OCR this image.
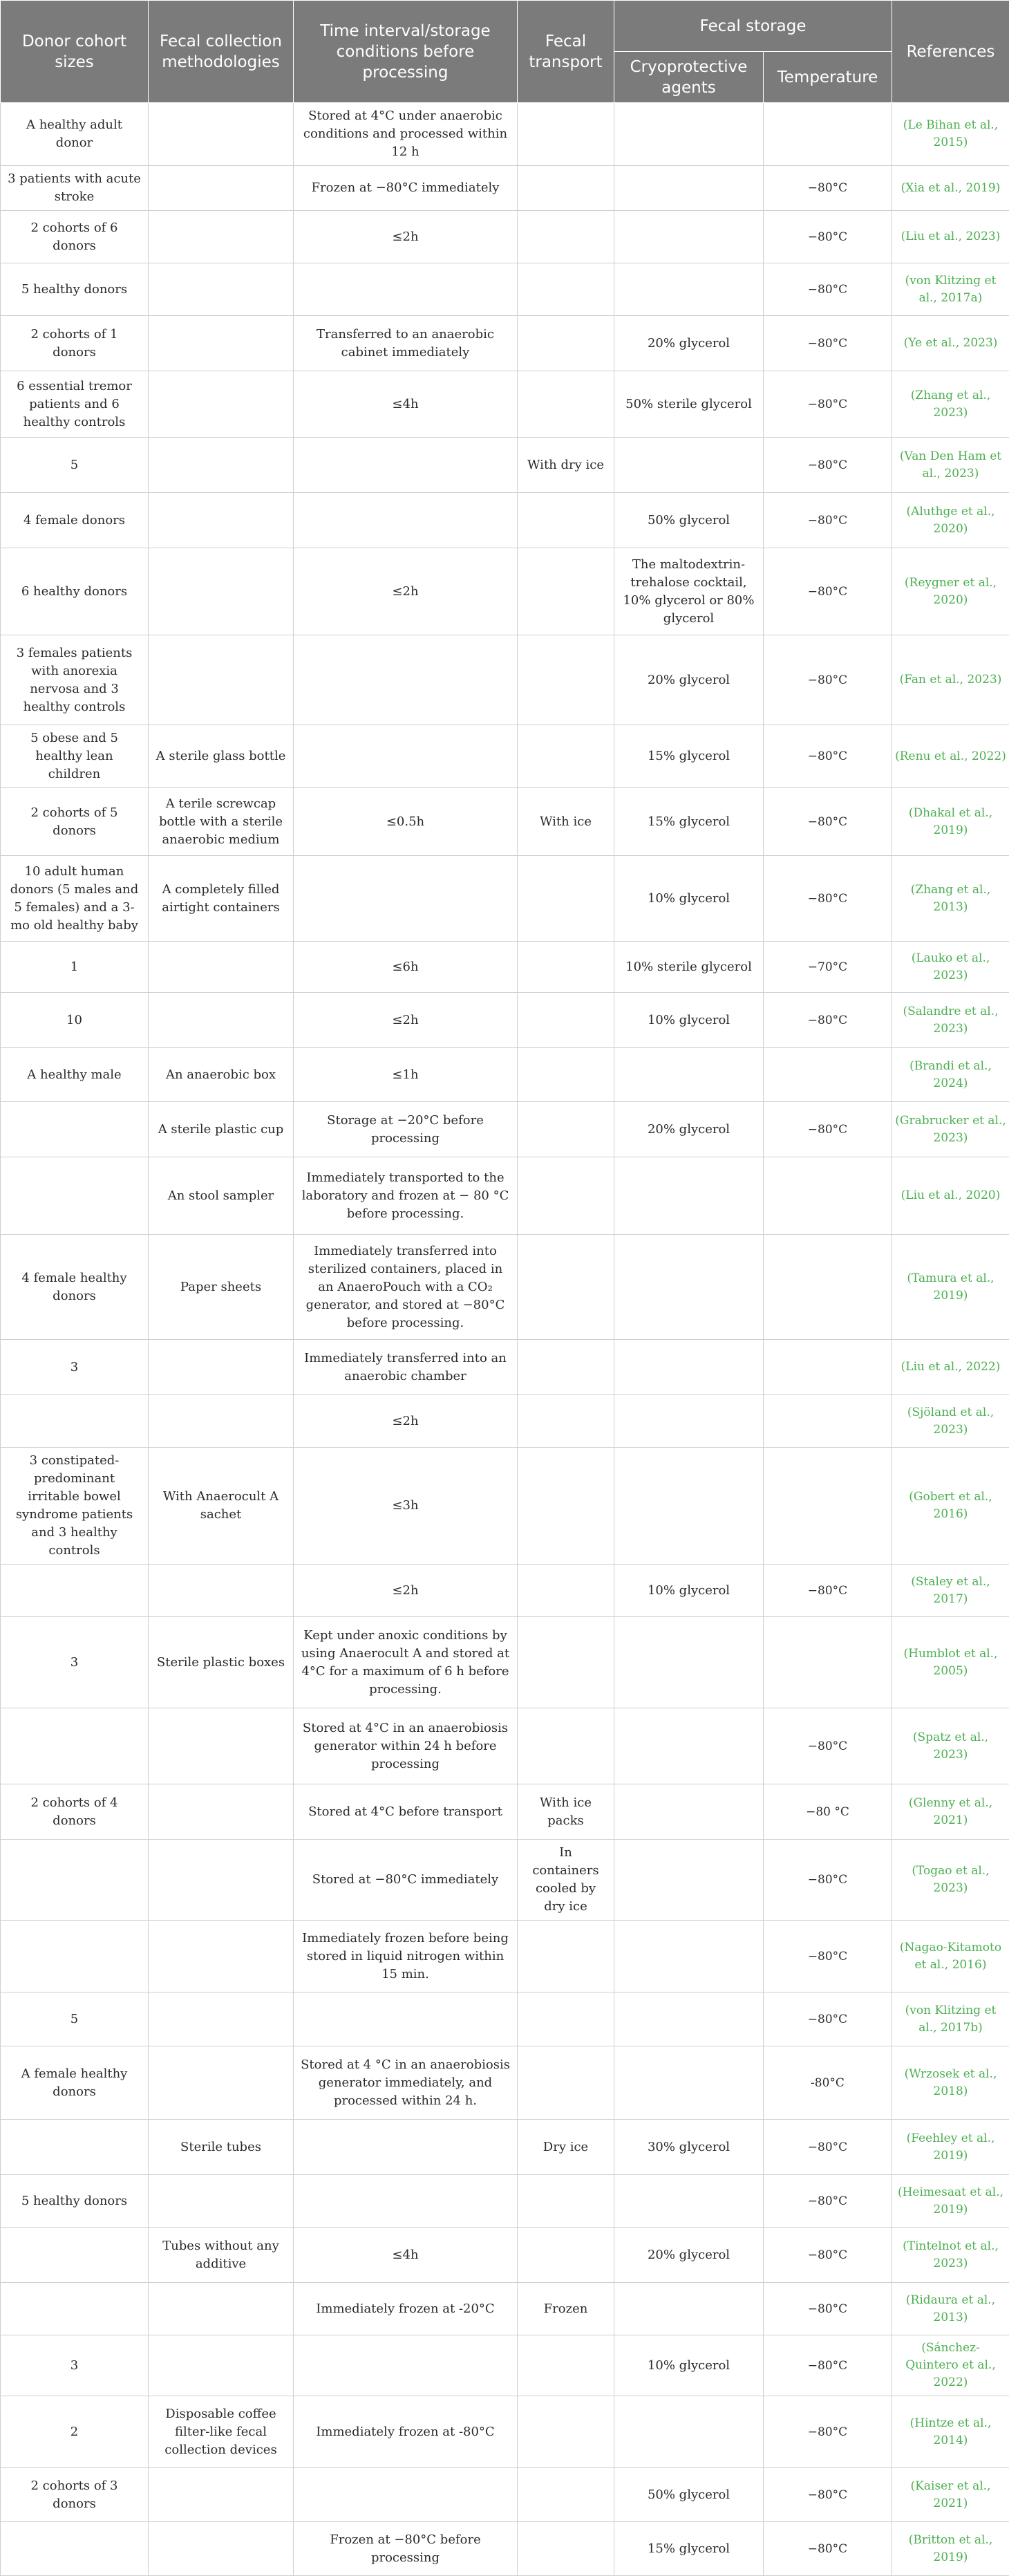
Donor cohort sizes	Fecal collection methodologies	Time interval/storage conditions before processing	Fecal transport	Fecal storage		References
				Cryoprotective agents	Temperature	
A healthy adult donor		Stored at 4°C under anaerobic conditions and processed within 12 h				(Le Bihan et al., 2015)
3 patients with acute stroke		Frozen at −80°C immediately			−80°C	(Xia et al., 2019)
2 cohorts of 6 donors		≤2h			−80°C	(Liu et al., 2023)
5 healthy donors					−80°C	(von Klitzing et al., 2017a)
2 cohorts of 1 donors		Transferred to an anaerobic cabinet immediately		20% glycerol	−80°C	(Ye et al., 2023)
6 essential tremor patients and 6 healthy controls		≤4h		50% sterile glycerol	−80°C	(Zhang et al., 2023)
5			With dry ice		−80°C	(Van Den Ham et al., 2023)
4 female donors				50% glycerol	−80°C	(Aluthge et al., 2020)
6 healthy donors		≤2h		The maltodextrin-trehalose cocktail, 10% glycerol or 80% glycerol	−80°C	(Reygner et al., 2020)
3 females patients with anorexia nervosa and 3 healthy controls				20% glycerol	−80°C	(Fan et al., 2023)
5 obese and 5 healthy lean children	A sterile glass bottle			15% glycerol	−80°C	(Renu et al., 2022)
2 cohorts of 5 donors	A terile screwcap bottle with a sterile anaerobic medium	≤0.5h	With ice	15% glycerol	−80°C	(Dhakal et al., 2019)
10 adult human donors (5 males and 5 females) and a 3-mo old healthy baby	A completely filled airtight containers			10% glycerol	−80°C	(Zhang et al., 2013)
1		≤6h		10% sterile glycerol	−70°C	(Lauko et al., 2023)
10		≤2h		10% glycerol	−80°C	(Salandre et al., 2023)
A healthy male	An anaerobic box	≤1h				(Brandi et al., 2024)
	A sterile plastic cup	Storage at −20°C before processing		20% glycerol	−80°C	(Grabrucker et al., 2023)
	An stool sampler	Immediately transported to the laboratory and frozen at − 80 °C before processing.				(Liu et al., 2020)
4 female healthy donors	Paper sheets	Immediately transferred into sterilized containers, placed in an AnaeroPouch with a CO₂ generator, and stored at −80°C before processing.				(Tamura et al., 2019)
3		Immediately transferred into an anaerobic chamber				(Liu et al., 2022)
		≤2h				(Sjöland et al., 2023)
3 constipated-predominant irritable bowel syndrome patients and 3 healthy controls	With Anaerocult A sachet	≤3h				(Gobert et al., 2016)
		≤2h		10% glycerol	−80°C	(Staley et al., 2017)
3	Sterile plastic boxes	Kept under anoxic conditions by using Anaerocult A and stored at 4°C for a maximum of 6 h before processing.				(Humblot et al., 2005)
		Stored at 4°C in an anaerobiosis generator within 24 h before processing			−80°C	(Spatz et al., 2023)
2 cohorts of 4 donors		Stored at 4°C before transport	With ice packs		−80 °C	(Glenny et al., 2021)
		Stored at −80°C immediately	In containers cooled by dry ice		−80°C	(Togao et al., 2023)
		Immediately frozen before being stored in liquid nitrogen within 15 min.			−80°C	(Nagao-Kitamoto et al., 2016)
5					−80°C	(von Klitzing et al., 2017b)
A female healthy donors		Stored at 4 °C in an anaerobiosis generator immediately, and processed within 24 h.			-80°C	(Wrzosek et al., 2018)
	Sterile tubes		Dry ice	30% glycerol	−80°C	(Feehley et al., 2019)
5 healthy donors					−80°C	(Heimesaat et al., 2019)
	Tubes without any additive	≤4h		20% glycerol	−80°C	(Tintelnot et al., 2023)
		Immediately frozen at -20°C	Frozen		−80°C	(Ridaura et al., 2013)
3				10% glycerol	−80°C	(Sánchez-Quintero et al., 2022)
2	Disposable coffee filter-like fecal collection devices	Immediately frozen at -80°C			−80°C	(Hintze et al., 2014)
2 cohorts of 3 donors				50% glycerol	−80°C	(Kaiser et al., 2021)
		Frozen at −80°C before processing		15% glycerol	−80°C	(Britton et al., 2019)
